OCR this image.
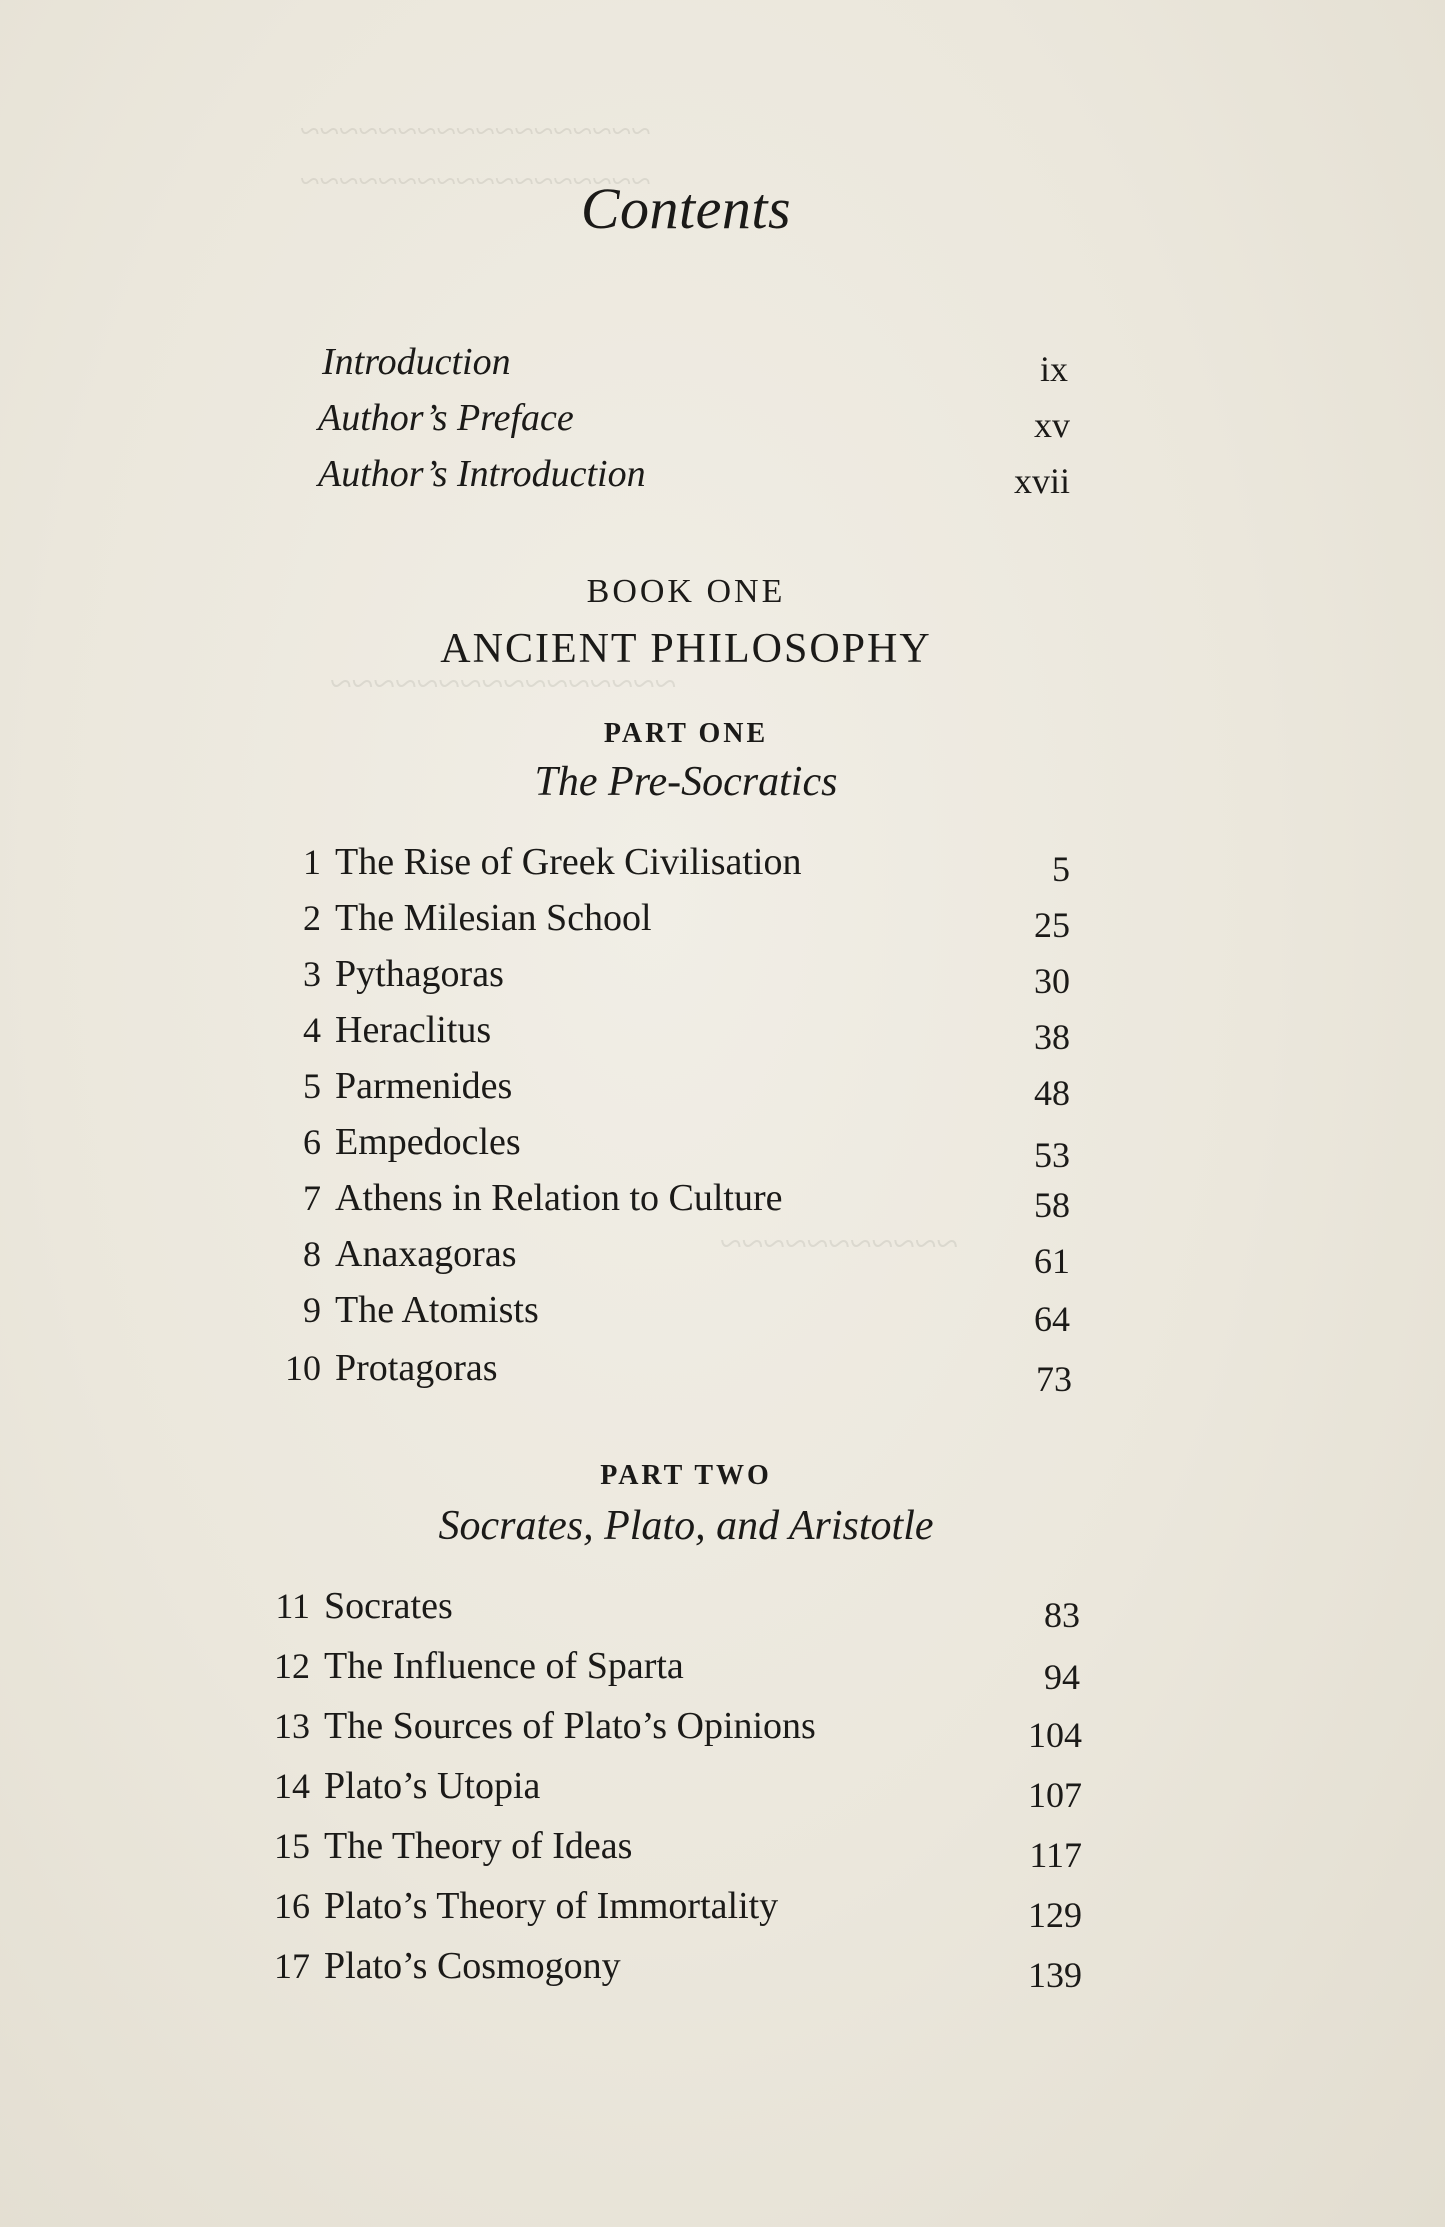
~~~~~~~~~~~~~~~~~~
~~~~~~~~~~~~~~~~~~
~~~~~~~~~~~~~~~~
~~~~~~~~~~~
Contents
Introduction	ix
Author’s Preface	xv
Author’s Introduction	xvii
BOOK ONE
ANCIENT PHILOSOPHY
PART ONE
The Pre-Socratics
1 The Rise of Greek Civilisation	5
2 The Milesian School	25
3 Pythagoras	30
4 Heraclitus	38
5 Parmenides	48
6 Empedocles	53
7 Athens in Relation to Culture	58
8 Anaxagoras	61
9 The Atomists	64
10 Protagoras	73
PART TWO
Socrates, Plato, and Aristotle
11 Socrates	83
12 The Influence of Sparta	94
13 The Sources of Plato’s Opinions	104
14 Plato’s Utopia	107
15 The Theory of Ideas	117
16 Plato’s Theory of Immortality	129
17 Plato’s Cosmogony	139
